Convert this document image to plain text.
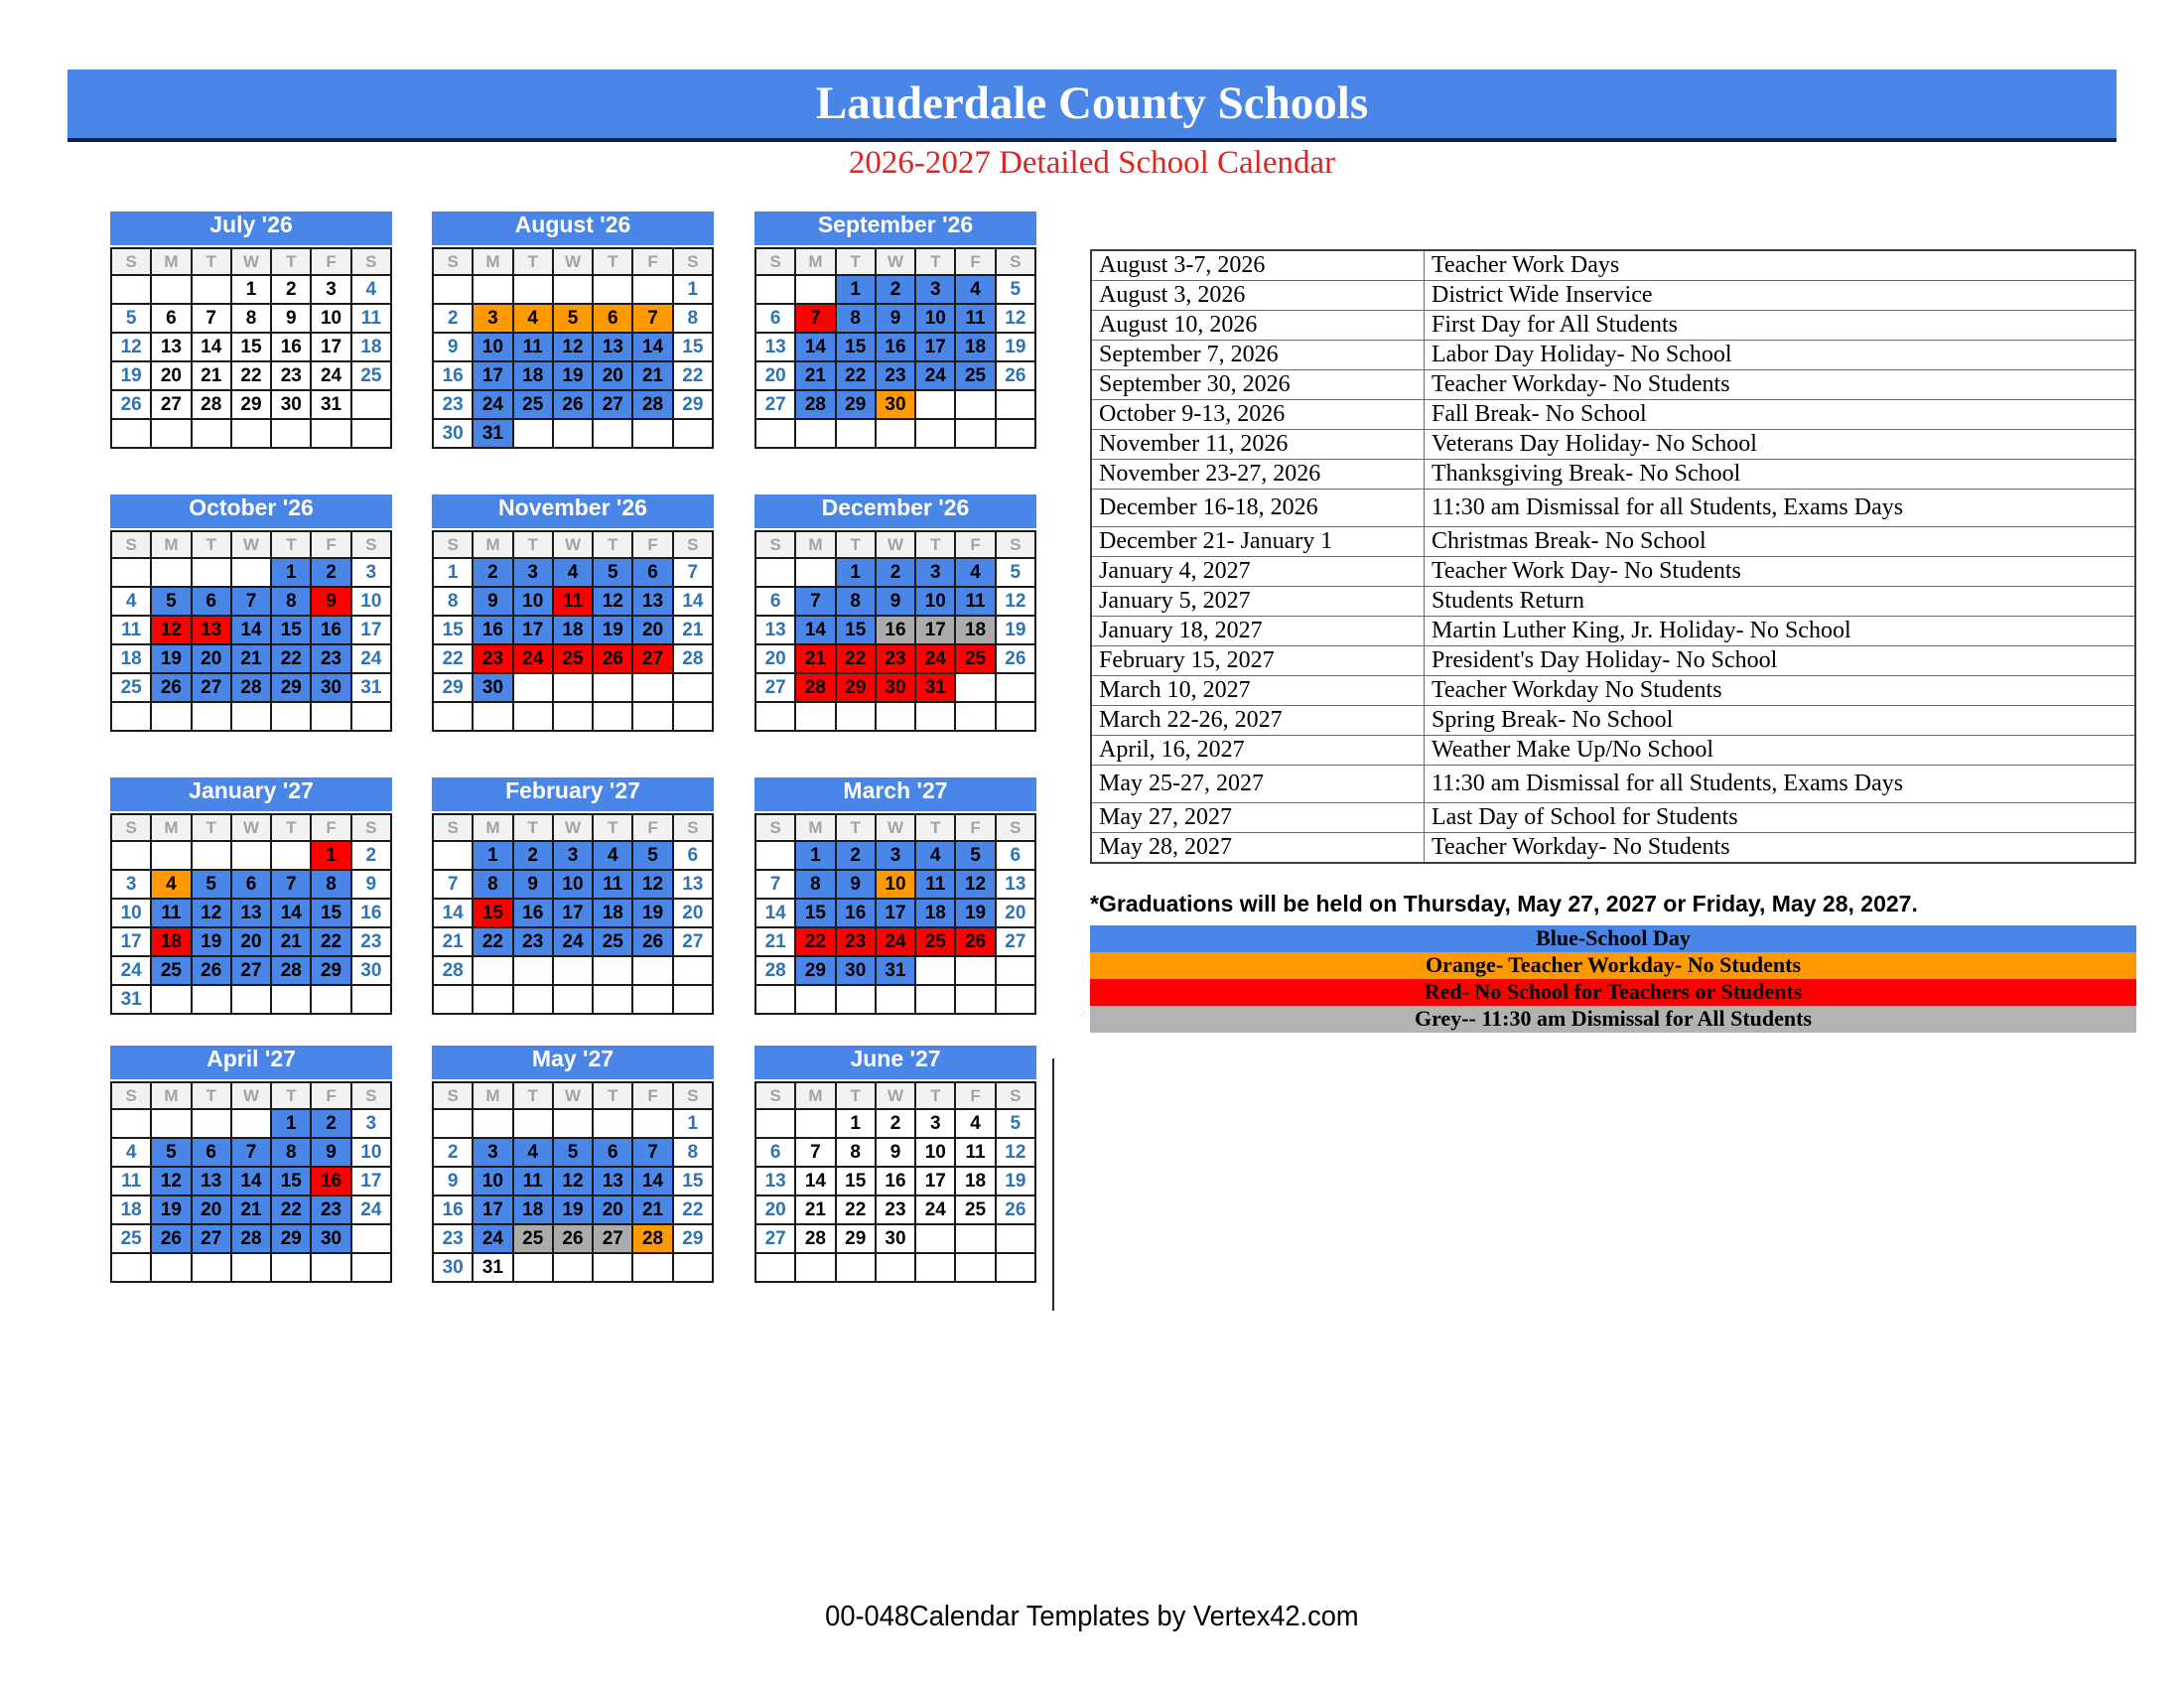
Lauderdale County Schools
2026-2027 Detailed School Calendar
July '26
S	M	T	W	T	F	S
			1	2	3	4
5	6	7	8	9	10	11
12	13	14	15	16	17	18
19	20	21	22	23	24	25
26	27	28	29	30	31	

August '26
S	M	T	W	T	F	S
						1
2	3	4	5	6	7	8
9	10	11	12	13	14	15
16	17	18	19	20	21	22
23	24	25	26	27	28	29
30	31					
September '26
S	M	T	W	T	F	S
		1	2	3	4	5
6	7	8	9	10	11	12
13	14	15	16	17	18	19
20	21	22	23	24	25	26
27	28	29	30			

October '26
S	M	T	W	T	F	S
				1	2	3
4	5	6	7	8	9	10
11	12	13	14	15	16	17
18	19	20	21	22	23	24
25	26	27	28	29	30	31

November '26
S	M	T	W	T	F	S
1	2	3	4	5	6	7
8	9	10	11	12	13	14
15	16	17	18	19	20	21
22	23	24	25	26	27	28
29	30					

December '26
S	M	T	W	T	F	S
		1	2	3	4	5
6	7	8	9	10	11	12
13	14	15	16	17	18	19
20	21	22	23	24	25	26
27	28	29	30	31		

January '27
S	M	T	W	T	F	S
					1	2
3	4	5	6	7	8	9
10	11	12	13	14	15	16
17	18	19	20	21	22	23
24	25	26	27	28	29	30
31						
February '27
S	M	T	W	T	F	S
	1	2	3	4	5	6
7	8	9	10	11	12	13
14	15	16	17	18	19	20
21	22	23	24	25	26	27
28						

March '27
S	M	T	W	T	F	S
	1	2	3	4	5	6
7	8	9	10	11	12	13
14	15	16	17	18	19	20
21	22	23	24	25	26	27
28	29	30	31			

April '27
S	M	T	W	T	F	S
				1	2	3
4	5	6	7	8	9	10
11	12	13	14	15	16	17
18	19	20	21	22	23	24
25	26	27	28	29	30	

May '27
S	M	T	W	T	F	S
						1
2	3	4	5	6	7	8
9	10	11	12	13	14	15
16	17	18	19	20	21	22
23	24	25	26	27	28	29
30	31					
June '27
S	M	T	W	T	F	S
		1	2	3	4	5
6	7	8	9	10	11	12
13	14	15	16	17	18	19
20	21	22	23	24	25	26
27	28	29	30			

August 3-7, 2026	Teacher Work Days
August 3, 2026	District Wide Inservice
August 10, 2026	First Day for All Students
September 7, 2026	Labor Day Holiday- No School
September 30, 2026	Teacher Workday- No Students
October 9-13, 2026	Fall Break- No School
November 11, 2026	Veterans Day Holiday- No School
November 23-27, 2026	Thanksgiving Break- No School
December 16-18, 2026	11:30 am Dismissal for all Students, Exams Days
December 21- January 1	Christmas Break- No School
January 4, 2027	Teacher Work Day- No Students
January 5, 2027	Students Return
January 18, 2027	Martin Luther King, Jr. Holiday- No School
February 15, 2027	President's Day Holiday- No School
March 10, 2027	Teacher Workday No Students
March 22-26, 2027	Spring Break- No School
April, 16, 2027	Weather Make Up/No School
May 25-27, 2027	11:30 am Dismissal for all Students, Exams Days
May 27, 2027	Last Day of School for Students
May 28, 2027	Teacher Workday- No Students
*Graduations will be held on Thursday, May 27, 2027 or Friday, May 28, 2027.
Blue-School Day
Orange- Teacher Workday- No Students
Red- No School for Teachers or Students
Grey-- 11:30 am Dismissal for All Students
00-048Calendar Templates by Vertex42.com
